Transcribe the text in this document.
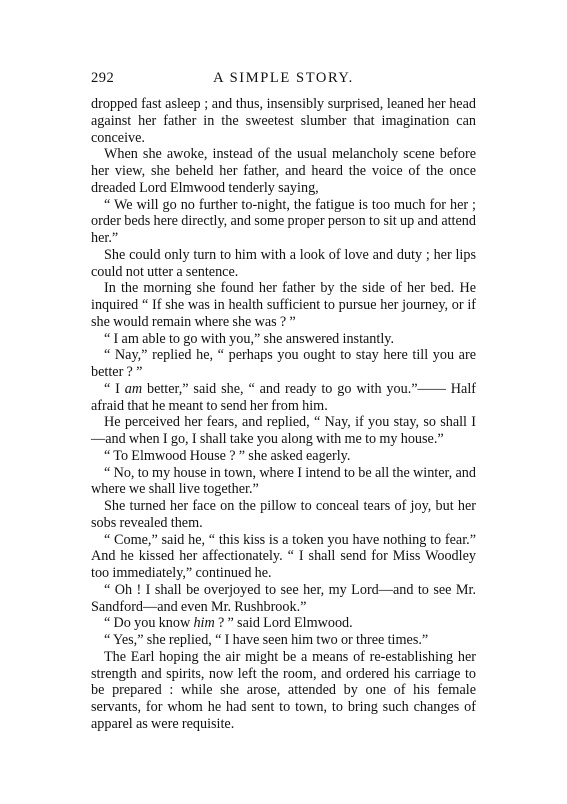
292	A SIMPLE STORY.

dropped fast asleep ; and thus, insensibly surprised, leaned her head against her father in the sweetest slumber that imagination can conceive.

When she awoke, instead of the usual melancholy scene before her view, she beheld her father, and heard the voice of the once dreaded Lord Elmwood tenderly saying,

“ We will go no further to-night, the fatigue is too much for her ; order beds here directly, and some proper person to sit up and attend her.”

She could only turn to him with a look of love and duty ; her lips could not utter a sentence.

In the morning she found her father by the side of her bed. He inquired “ If she was in health sufficient to pursue her journey, or if she would remain where she was ? ”

“ I am able to go with you,” she answered instantly.

“ Nay,” replied he, “ perhaps you ought to stay here till you are better ? ”

“ I am better,” said she, “ and ready to go with you.”—— Half afraid that he meant to send her from him.

He perceived her fears, and replied, “ Nay, if you stay, so shall I—and when I go, I shall take you along with me to my house.”

“ To Elmwood House ? ” she asked eagerly.

“ No, to my house in town, where I intend to be all the winter, and where we shall live together.”

She turned her face on the pillow to conceal tears of joy, but her sobs revealed them.

“ Come,” said he, “ this kiss is a token you have nothing to fear.” And he kissed her affectionately. “ I shall send for Miss Woodley too immediately,” continued he.

“ Oh ! I shall be overjoyed to see her, my Lord—and to see Mr. Sandford—and even Mr. Rushbrook.”

“ Do you know him ? ” said Lord Elmwood.

“ Yes,” she replied, “ I have seen him two or three times.”

The Earl hoping the air might be a means of re-establishing her strength and spirits, now left the room, and ordered his carriage to be prepared : while she arose, attended by one of his female servants, for whom he had sent to town, to bring such changes of apparel as were requisite.
